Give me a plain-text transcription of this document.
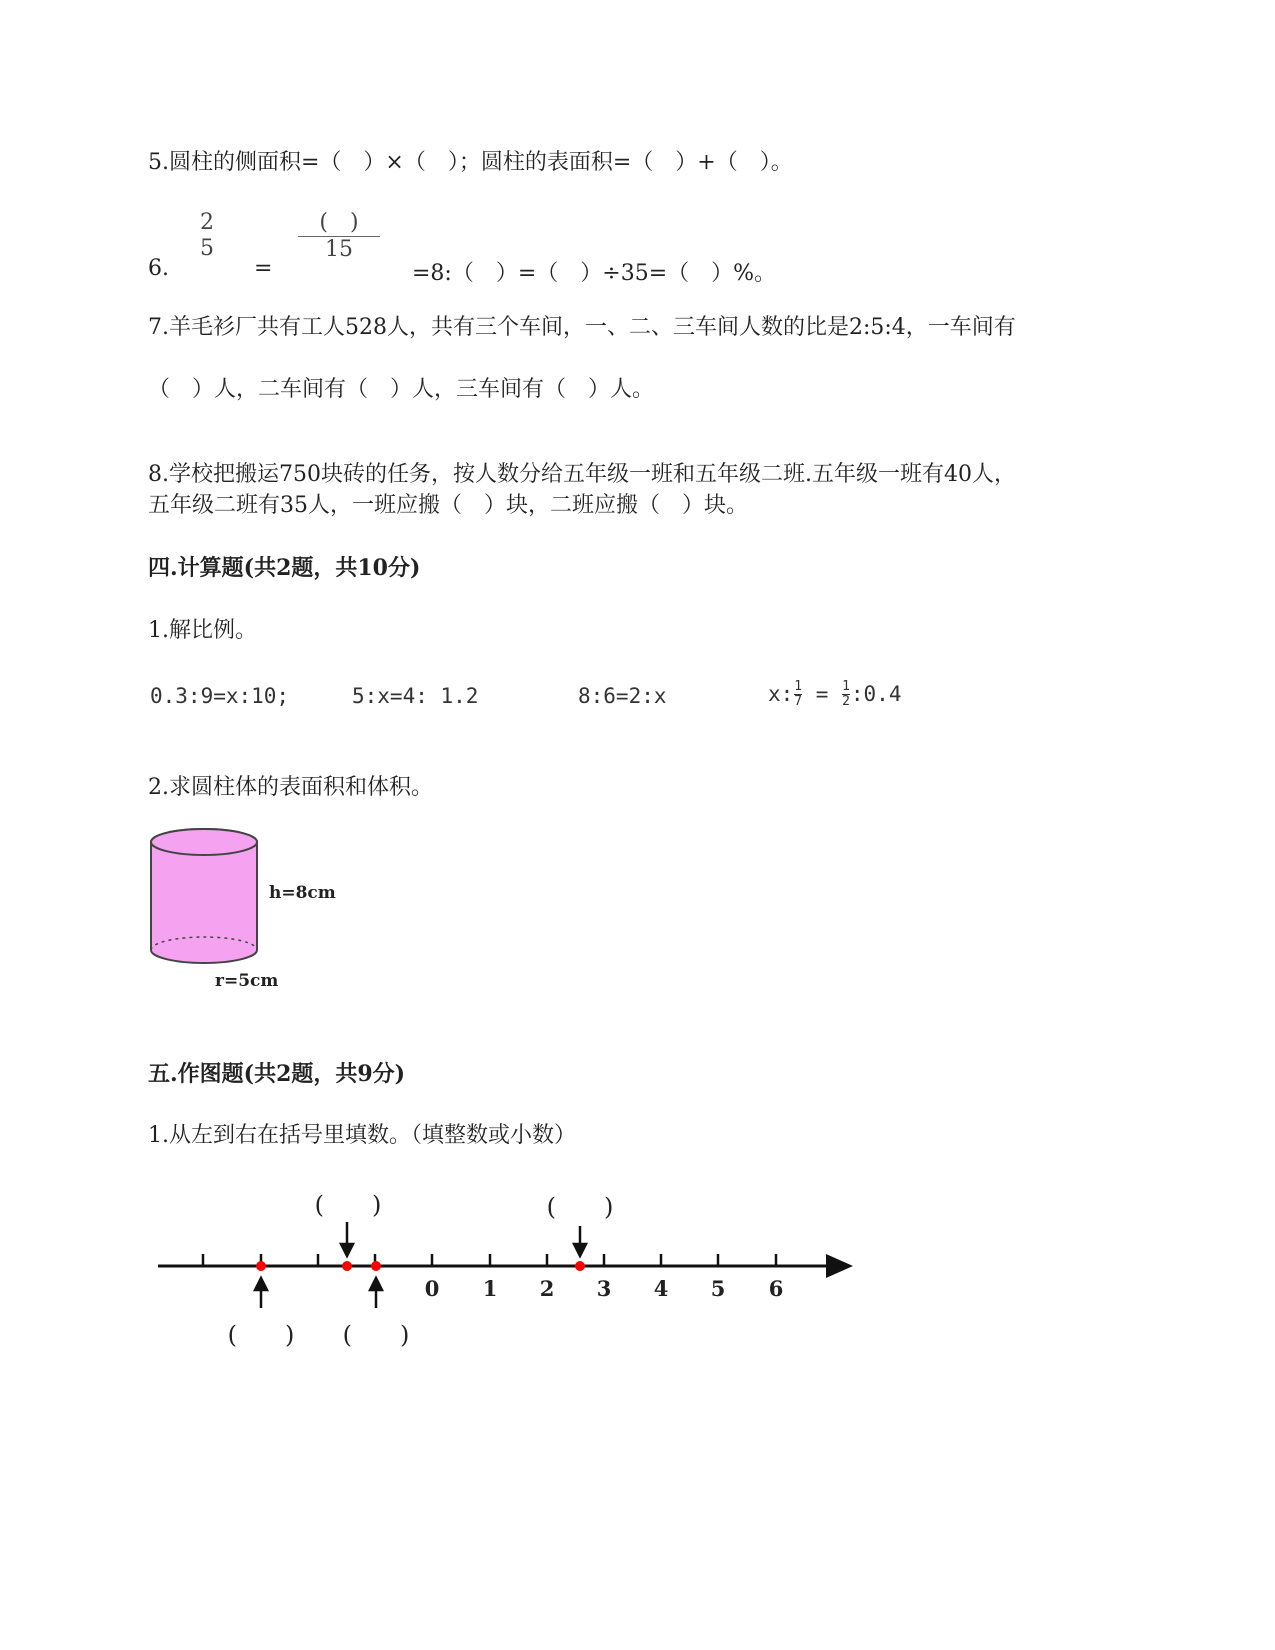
5.圆柱的侧面积=（　）×（　）；圆柱的表面积=（　）+（　）。
6.
2
5
=
(　)
15
=8:（　）=（　）÷35=（　）%。
7.羊毛衫厂共有工人528人，共有三个车间，一、二、三车间人数的比是2:5:4，一车间有
（　）人，二车间有（　）人，三车间有（　）人。
8.学校把搬运750块砖的任务，按人数分给五年级一班和五年级二班.五年级一班有40人，
五年级二班有35人，一班应搬（　）块，二班应搬（　）块。
四.计算题(共2题，共10分)
1.解比例。
0.3:9=x:10;	5:x=4: 1.2	8:6=2:x	x: $\frac{1}{7} = \frac{1}{2}$ :0.4
2.求圆柱体的表面积和体积。
h=8cm
r=5cm
五.作图题(共2题，共9分)
1.从左到右在括号里填数。（填整数或小数）
0 1 2 3 4 5 6
(　　)	(　　)
(　　) (　　)
